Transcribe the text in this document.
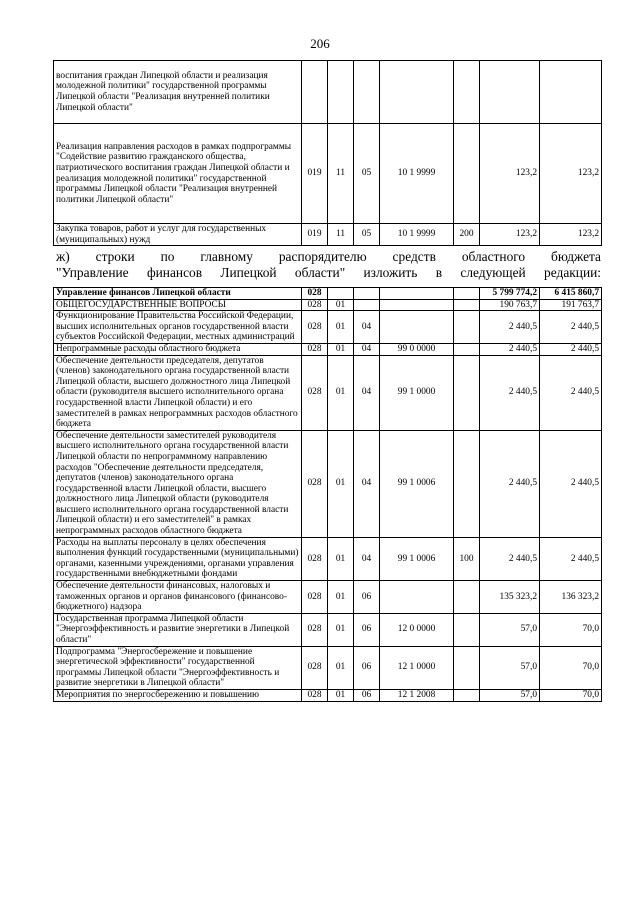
206
воспитания граждан Липецкой области и реализация молодежной политики" государственной программы Липецкой области "Реализация внутренней политики Липецкой области"							
Реализация направления расходов в рамках подпрограммы "Содействие развитию гражданского общества, патриотического воспитания граждан Липецкой области и реализация молодежной политики" государственной программы Липецкой области "Реализация внутренней политики Липецкой области"	019	11	05	10 1 9999		123,2	123,2
Закупка товаров, работ и услуг для государственных (муниципальных) нужд	019	11	05	10 1 9999	200	123,2	123,2
ж) строки по главному распорядителю средств областного бюджета
"Управление финансов Липецкой области" изложить в следующей редакции:
Управление финансов Липецкой области	028					5 799 774,2	6 415 860,7
ОБЩЕГОСУДАРСТВЕННЫЕ ВОПРОСЫ	028	01				190 763,7	191 763,7
Функционирование Правительства Российской Федерации, высших исполнительных органов государственной власти субъектов Российской Федерации, местных администраций	028	01	04			2 440,5	2 440,5
Непрограммные расходы областного бюджета	028	01	04	99 0 0000		2 440,5	2 440,5
Обеспечение деятельности председателя, депутатов (членов) законодательного органа государственной власти Липецкой области, высшего должностного лица Липецкой области (руководителя высшего исполнительного органа государственной власти Липецкой области) и его заместителей в рамках непрограммных расходов областного бюджета	028	01	04	99 1 0000		2 440,5	2 440,5
Обеспечение деятельности заместителей руководителя высшего исполнительного органа государственной власти Липецкой области по непрограммному направлению расходов "Обеспечение деятельности председателя, депутатов (членов) законодательного органа государственной власти Липецкой области, высшего должностного лица Липецкой области (руководителя высшего исполнительного органа государственной власти Липецкой области) и его заместителей" в рамках непрограммных расходов областного бюджета	028	01	04	99 1 0006		2 440,5	2 440,5
Расходы на выплаты персоналу в целях обеспечения выполнения функций государственными (муниципальными) органами, казенными учреждениями, органами управления государственными внебюджетными фондами	028	01	04	99 1 0006	100	2 440,5	2 440,5
Обеспечение деятельности финансовых, налоговых и таможенных органов и органов финансового (финансово-бюджетного) надзора	028	01	06			135 323,2	136 323,2
Государственная программа Липецкой области "Энергоэффективность и развитие энергетики в Липецкой области"	028	01	06	12 0 0000		57,0	70,0
Подпрограмма "Энергосбережение и повышение энергетической эффективности" государственной программы Липецкой области "Энергоэффективность и развитие энергетики в Липецкой области"	028	01	06	12 1 0000		57,0	70,0
Мероприятия по энергосбережению и повышению	028	01	06	12 1 2008		57,0	70,0
